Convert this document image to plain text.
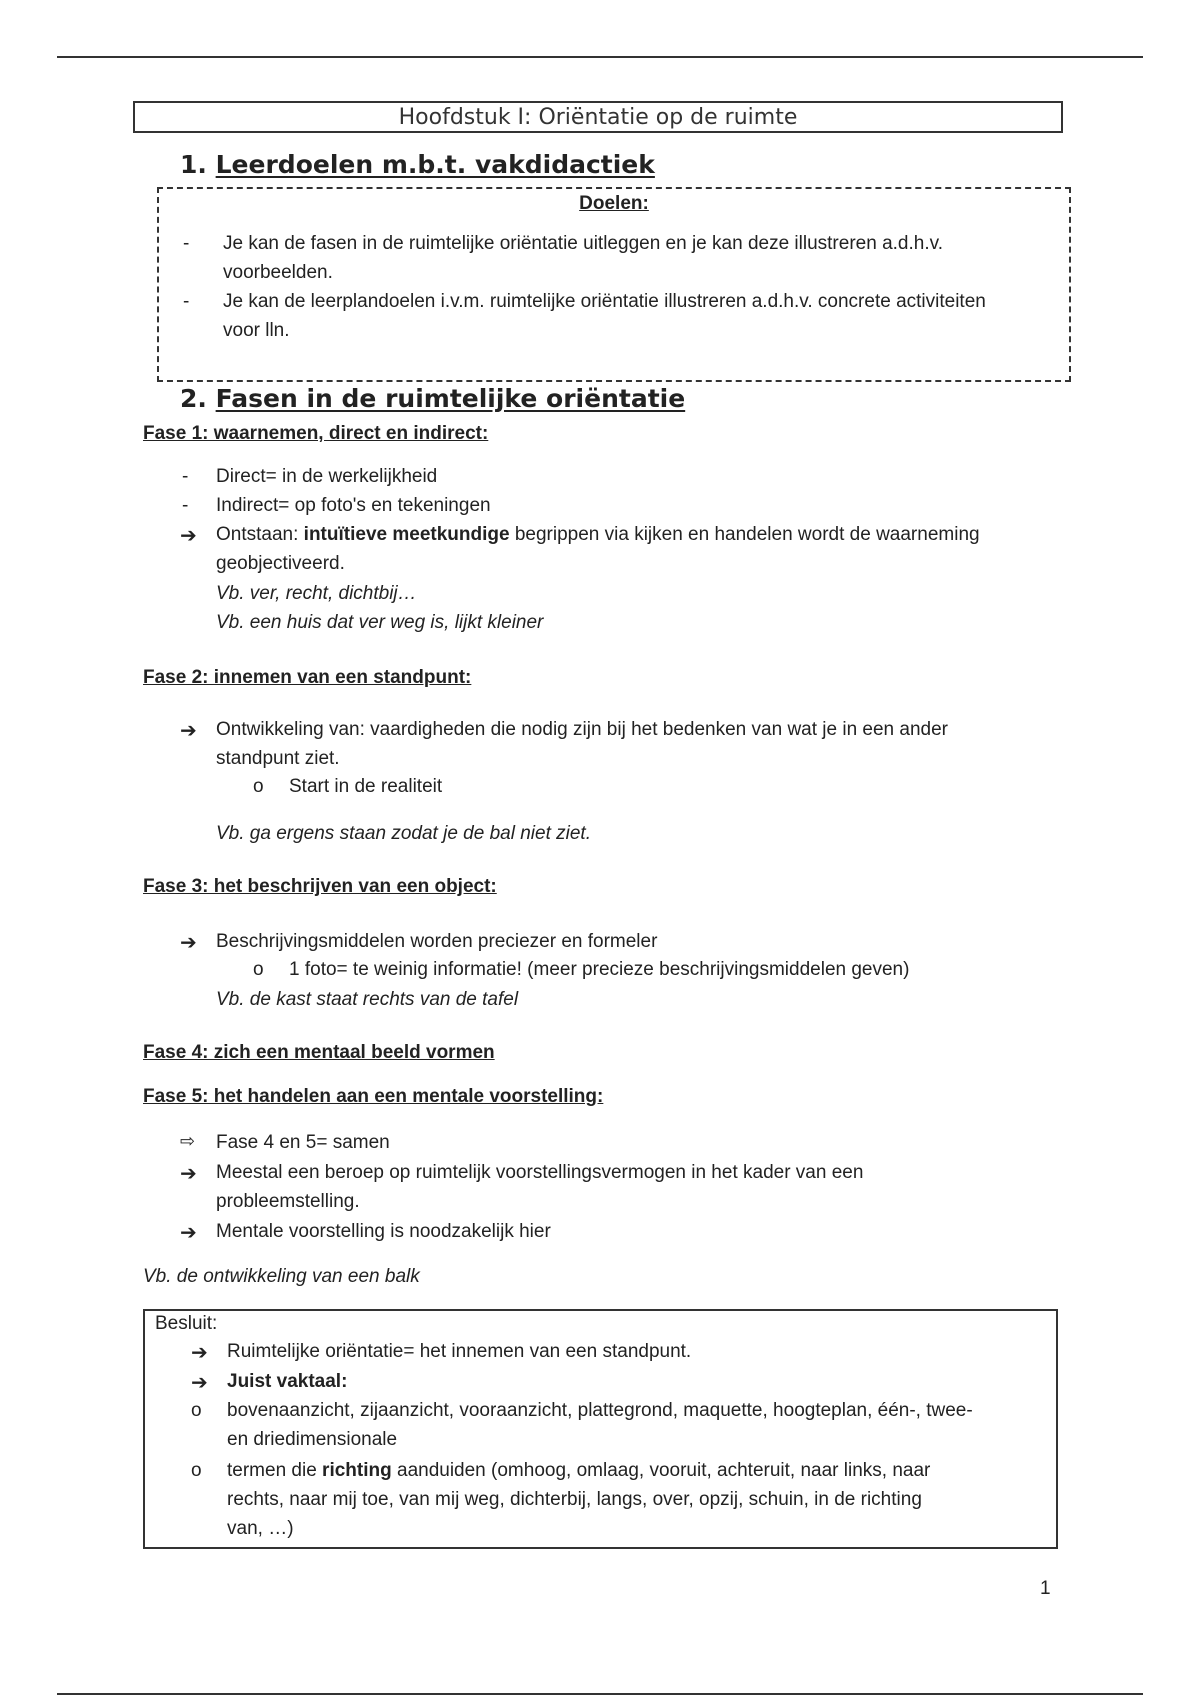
Hoofdstuk I: Oriëntatie op de ruimte
1. Leerdoelen m.b.t. vakdidactiek
Doelen:
- Je kan de fasen in de ruimtelijke oriëntatie uitleggen en je kan deze illustreren a.d.h.v.
voorbeelden.
- Je kan de leerplandoelen i.v.m. ruimtelijke oriëntatie illustreren a.d.h.v. concrete activiteiten
voor lln.
2. Fasen in de ruimtelijke oriëntatie
Fase 1: waarnemen, direct en indirect:
- Direct= in de werkelijkheid
- Indirect= op foto's en tekeningen
➔ Ontstaan: intuïtieve meetkundige begrippen via kijken en handelen wordt de waarneming
geobjectiveerd.
Vb. ver, recht, dichtbij…
Vb. een huis dat ver weg is, lijkt kleiner
Fase 2: innemen van een standpunt:
➔ Ontwikkeling van: vaardigheden die nodig zijn bij het bedenken van wat je in een ander
standpunt ziet.
o Start in de realiteit
Vb. ga ergens staan zodat je de bal niet ziet.
Fase 3: het beschrijven van een object:
➔ Beschrijvingsmiddelen worden preciezer en formeler
o 1 foto= te weinig informatie! (meer precieze beschrijvingsmiddelen geven)
Vb. de kast staat rechts van de tafel
Fase 4: zich een mentaal beeld vormen
Fase 5: het handelen aan een mentale voorstelling:
⇨ Fase 4 en 5= samen
➔ Meestal een beroep op ruimtelijk voorstellingsvermogen in het kader van een
probleemstelling.
➔ Mentale voorstelling is noodzakelijk hier
Vb. de ontwikkeling van een balk
Besluit:
➔ Ruimtelijke oriëntatie= het innemen van een standpunt.
➔ Juist vaktaal:
o bovenaanzicht, zijaanzicht, vooraanzicht, plattegrond, maquette, hoogteplan, één-, twee-
en driedimensionale
o termen die richting aanduiden (omhoog, omlaag, vooruit, achteruit, naar links, naar
rechts, naar mij toe, van mij weg, dichterbij, langs, over, opzij, schuin, in de richting
van, …)
1
